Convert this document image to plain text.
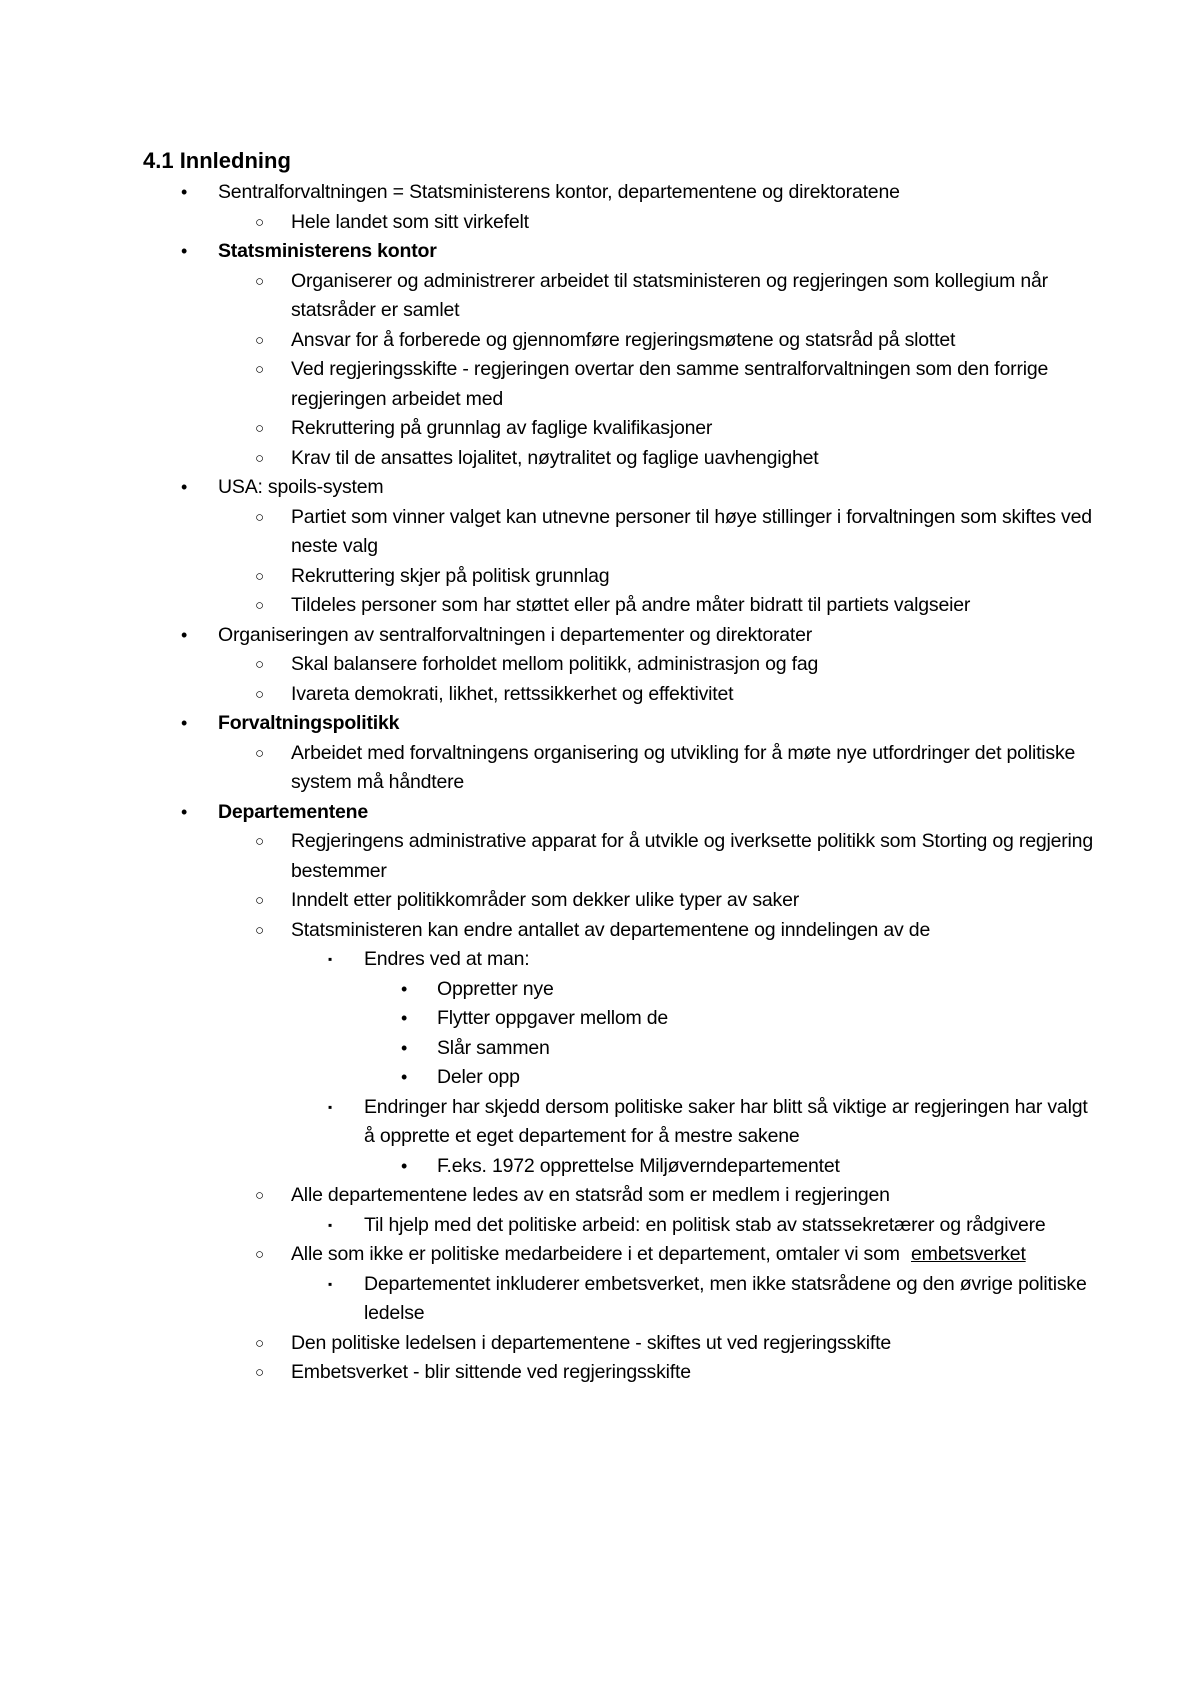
4.1 Innledning
• Sentralforvaltningen = Statsministerens kontor, departementene og direktoratene
○ Hele landet som sitt virkefelt
• Statsministerens kontor
○ Organiserer og administrerer arbeidet til statsministeren og regjeringen som kollegium når statsråder er samlet
○ Ansvar for å forberede og gjennomføre regjeringsmøtene og statsråd på slottet
○ Ved regjeringsskifte - regjeringen overtar den samme sentralforvaltningen som den forrige regjeringen arbeidet med
○ Rekruttering på grunnlag av faglige kvalifikasjoner
○ Krav til de ansattes lojalitet, nøytralitet og faglige uavhengighet
• USA: spoils-system
○ Partiet som vinner valget kan utnevne personer til høye stillinger i forvaltningen som skiftes ved neste valg
○ Rekruttering skjer på politisk grunnlag
○ Tildeles personer som har støttet eller på andre måter bidratt til partiets valgseier
• Organiseringen av sentralforvaltningen i departementer og direktorater
○ Skal balansere forholdet mellom politikk, administrasjon og fag
○ Ivareta demokrati, likhet, rettssikkerhet og effektivitet
• Forvaltningspolitikk
○ Arbeidet med forvaltningens organisering og utvikling for å møte nye utfordringer det politiske system må håndtere
• Departementene
○ Regjeringens administrative apparat for å utvikle og iverksette politikk som Storting og regjering bestemmer
○ Inndelt etter politikkområder som dekker ulike typer av saker
○ Statsministeren kan endre antallet av departementene og inndelingen av de
▪ Endres ved at man:
• Oppretter nye
• Flytter oppgaver mellom de
• Slår sammen
• Deler opp
▪ Endringer har skjedd dersom politiske saker har blitt så viktige ar regjeringen har valgt å opprette et eget departement for å mestre sakene
• F.eks. 1972 opprettelse Miljøverndepartementet
○ Alle departementene ledes av en statsråd som er medlem i regjeringen
▪ Til hjelp med det politiske arbeid: en politisk stab av statssekretærer og rådgivere
○ Alle som ikke er politiske medarbeidere i et departement, omtaler vi som embetsverket
▪ Departementet inkluderer embetsverket, men ikke statsrådene og den øvrige politiske ledelse
○ Den politiske ledelsen i departementene - skiftes ut ved regjeringsskifte
○ Embetsverket - blir sittende ved regjeringsskifte
